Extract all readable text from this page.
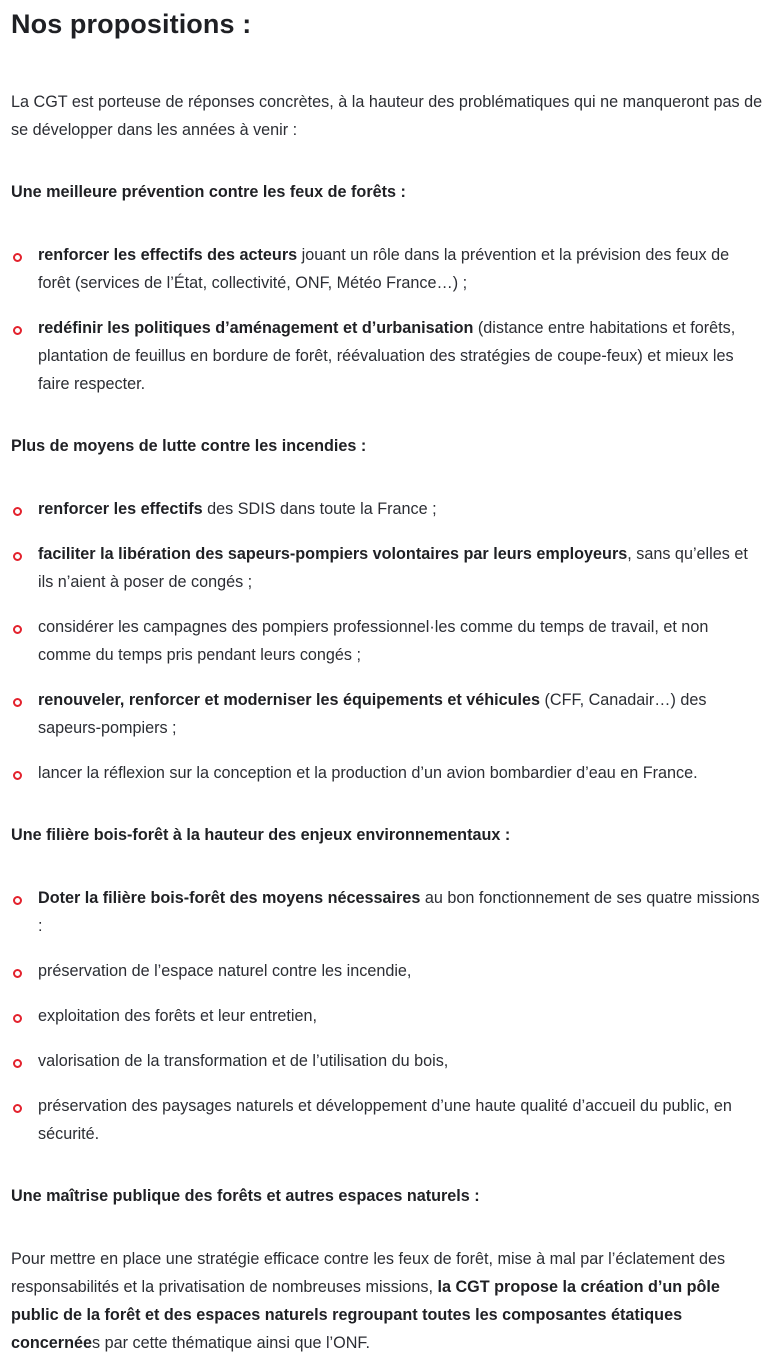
Nos propositions :

La CGT est porteuse de réponses concrètes, à la hauteur des problématiques qui ne manqueront pas de se développer dans les années à venir :

Une meilleure prévention contre les feux de forêts :

renforcer les effectifs des acteurs jouant un rôle dans la prévention et la prévision des feux de forêt (services de l’État, collectivité, ONF, Météo France…) ;
redéfinir les politiques d’aménagement et d’urbanisation (distance entre habitations et forêts, plantation de feuillus en bordure de forêt, réévaluation des stratégies de coupe-feux) et mieux les faire respecter.

Plus de moyens de lutte contre les incendies :

renforcer les effectifs des SDIS dans toute la France ;
faciliter la libération des sapeurs-pompiers volontaires par leurs employeurs, sans qu’elles et ils n’aient à poser de congés ;
considérer les campagnes des pompiers professionnel·les comme du temps de travail, et non comme du temps pris pendant leurs congés ;
renouveler, renforcer et moderniser les équipements et véhicules (CFF, Canadair…) des sapeurs-pompiers ;
lancer la réflexion sur la conception et la production d’un avion bombardier d’eau en France.

Une filière bois-forêt à la hauteur des enjeux environnementaux :

Doter la filière bois-forêt des moyens nécessaires au bon fonctionnement de ses quatre missions :
préservation de l’espace naturel contre les incendie,
exploitation des forêts et leur entretien,
valorisation de la transformation et de l’utilisation du bois,
préservation des paysages naturels et développement d’une haute qualité d’accueil du public, en sécurité.

Une maîtrise publique des forêts et autres espaces naturels :

Pour mettre en place une stratégie efficace contre les feux de forêt, mise à mal par l’éclatement des responsabilités et la privatisation de nombreuses missions, la CGT propose la création d’un pôle public de la forêt et des espaces naturels regroupant toutes les composantes étatiques concernées par cette thématique ainsi que l’ONF.
